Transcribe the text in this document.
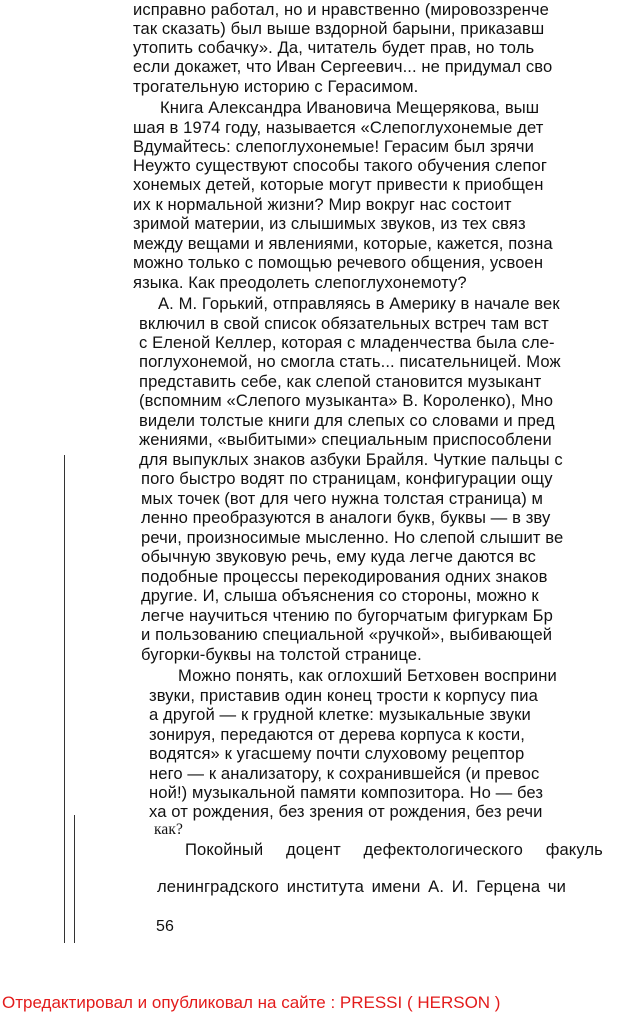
исправно работал, но и нравственно (мировоззренче
так сказать) был выше вздорной барыни, приказавш
утопить собачку». Да, читатель будет прав, но толь
если докажет, что Иван Сергеевич... не придумал сво
трогательную историю с Герасимом.
Книга Александра Ивановича Мещерякова, выш
шая в 1974 году, называется «Слепоглухонемые дет
Вдумайтесь: слепоглухонемые! Герасим был зрячи
Неужто существуют способы такого обучения слепог
хонемых детей, которые могут привести к приобщен
их к нормальной жизни? Мир вокруг нас состоит
зримой материи, из слышимых звуков, из тех связ
между вещами и явлениями, которые, кажется, позна
можно только с помощью речевого общения, усвоен
языка. Как преодолеть слепоглухонемоту?
А. М. Горький, отправляясь в Америку в начале век
включил в свой список обязательных встреч там вст
с Еленой Келлер, которая с младенчества была сле-
поглухонемой, но смогла стать... писательницей. Мож
представить себе, как слепой становится музыкант
(вспомним «Слепого музыканта» В. Короленко), Мно
видели толстые книги для слепых со словами и пред
жениями, «выбитыми» специальным приспособлени
для выпуклых знаков азбуки Брайля. Чуткие пальцы с
пого быстро водят по страницам, конфигурации ощу
мых точек (вот для чего нужна толстая страница) м
ленно преобразуются в аналоги букв, буквы — в зву
речи, произносимые мысленно. Но слепой слышит ве
обычную звуковую речь, ему куда легче даются вс
подобные процессы перекодирования одних знаков
другие. И, слыша объяснения со стороны, можно к
легче научиться чтению по бугорчатым фигуркам Бр
и пользованию специальной «ручкой», выбивающей
бугорки-буквы на толстой странице.
Можно понять, как оглохший Бетховен восприни
звуки, приставив один конец трости к корпусу пиа
а другой — к грудной клетке: музыкальные звуки
зонируя, передаются от дерева корпуса к кости,
водятся» к угасшему почти слуховому рецептор
него — к анализатору, к сохранившейся (и превос
ной!) музыкальной памяти композитора. Но — без
ха от рождения, без зрения от рождения, без речи
как?
Покойный доцент дефектологического факуль
ленинградского института имени А. И. Герцена чи
56
Отредактировал и опубликовал на сайте : PRESSI ( HERSON )
